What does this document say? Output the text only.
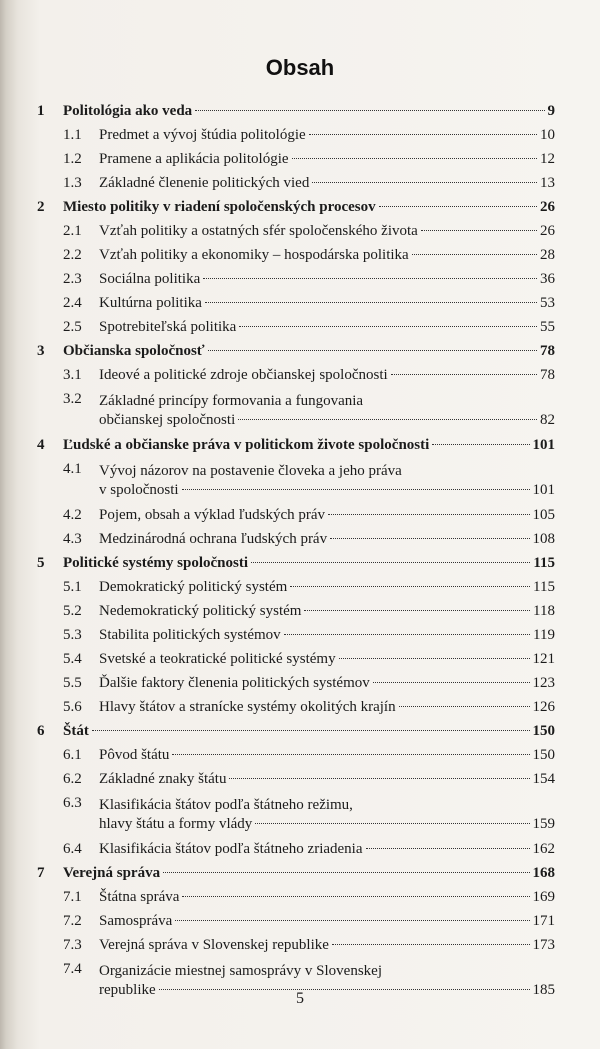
Obsah
1 Politológia ako veda	9
1.1 Predmet a vývoj štúdia politológie	10
1.2 Pramene a aplikácia politológie	12
1.3 Základné členenie politických vied	13
2 Miesto politiky v riadení spoločenských procesov	26
2.1 Vzťah politiky a ostatných sfér spoločenského života	26
2.2 Vzťah politiky a ekonomiky – hospodárska politika	28
2.3 Sociálna politika	36
2.4 Kultúrna politika	53
2.5 Spotrebiteľská politika	55
3 Občianska spoločnosť	78
3.1 Ideové a politické zdroje občianskej spoločnosti	78
3.2 Základné princípy formovania a fungovania
občianskej spoločnosti	82
4 Ľudské a občianske práva v politickom živote spoločnosti	101
4.1 Vývoj názorov na postavenie človeka a jeho práva
v spoločnosti	101
4.2 Pojem, obsah a výklad ľudských práv	105
4.3 Medzinárodná ochrana ľudských práv	108
5 Politické systémy spoločnosti	115
5.1 Demokratický politický systém	115
5.2 Nedemokratický politický systém	118
5.3 Stabilita politických systémov	119
5.4 Svetské a teokratické politické systémy	121
5.5 Ďalšie faktory členenia politických systémov	123
5.6 Hlavy štátov a stranícke systémy okolitých krajín	126
6 Štát	150
6.1 Pôvod štátu	150
6.2 Základné znaky štátu	154
6.3 Klasifikácia štátov podľa štátneho režimu,
hlavy štátu a formy vlády	159
6.4 Klasifikácia štátov podľa štátneho zriadenia	162
7 Verejná správa	168
7.1 Štátna správa	169
7.2 Samospráva	171
7.3 Verejná správa v Slovenskej republike	173
7.4 Organizácie miestnej samosprávy v Slovenskej
republike	185
5
